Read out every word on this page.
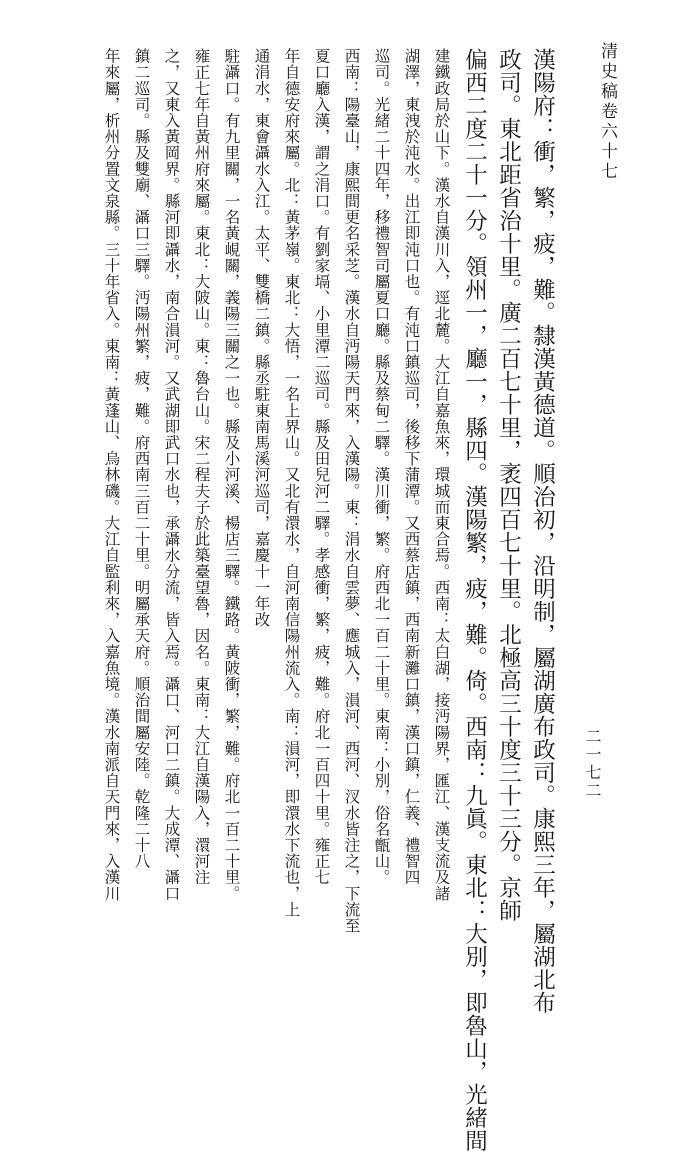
清史稿卷六十七
漢陽府：衝，繁，疲，難。隸漢黃德道。順治初，沿明制，屬湖廣布政司。康熙三年，屬湖北布
政司。東北距省治十里。廣二百七十里，袤四百七十里。北極高三十度三十三分。京師
偏西二度二十一分。領州一，廳一，縣四。漢陽繁，疲，難。倚。西南：九眞。東北：大別，即魯山，光緒間
建鐵政局於山下。漢水自漢川入，逕北麓。大江自嘉魚來，環城而東合焉。西南：太白湖，接沔陽界，匯江、漢支流及諸
湖澤，東洩於沌水。出江即沌口也。有沌口鎮巡司，後移下蒲潭。又西蔡店鎮，西南新灘口鎮，漢口鎮，仁義、禮智四
巡司。光緒二十四年，移禮智司屬夏口廳。縣及蔡甸二驛。漢川衝，繁。府西北一百二十里。東南：小別，俗名甑山。
西南：陽臺山，康熙間更名采芝。漢水自沔陽天門來，入漢陽。東：涓水自雲夢、應城入，溳河、西河、汊水皆注之，下流至
夏口廳入漢，謂之涓口。有劉家塥、小里潭二巡司。縣及田兒河二驛。孝感衝，繁，疲，難。府北一百四十里。雍正七
年自德安府來屬。北：黃茅嶺。東北：大悟，一名上界山。又北有澴水，自河南信陽州流入。南：溳河，即澴水下流也，上
通涓水，東會灄水入江。太平、雙橋二鎮。縣丞駐東南馬溪河巡司，嘉慶十一年改
駐灄口。有九里關，一名黃峴關，義陽三關之一也。縣及小河溪、楊店三驛。鐵路。黃陂衝，繁，難。府北一百二十里。
雍正七年自黃州府來屬。東北：大陂山。東：魯台山。宋二程夫子於此築臺望魯，因名。東南：大江自漢陽入，澴河注
之，又東入黃岡界。縣河即灄水，南合溳河。又武湖即武口水也，承灄水分流，皆入焉。灄口、河口二鎮。大成潭、灄口
鎮二巡司。縣及雙廟、灄口三驛。沔陽州繁，疲，難。府西南三百二十里。明屬承天府。順治間屬安陸。乾隆二十八
年來屬，析州分置文泉縣。三十年省入。東南：黃蓬山、烏林磯。大江自監利來，入嘉魚境。漢水南派自天門來，入漢川	二一七二
